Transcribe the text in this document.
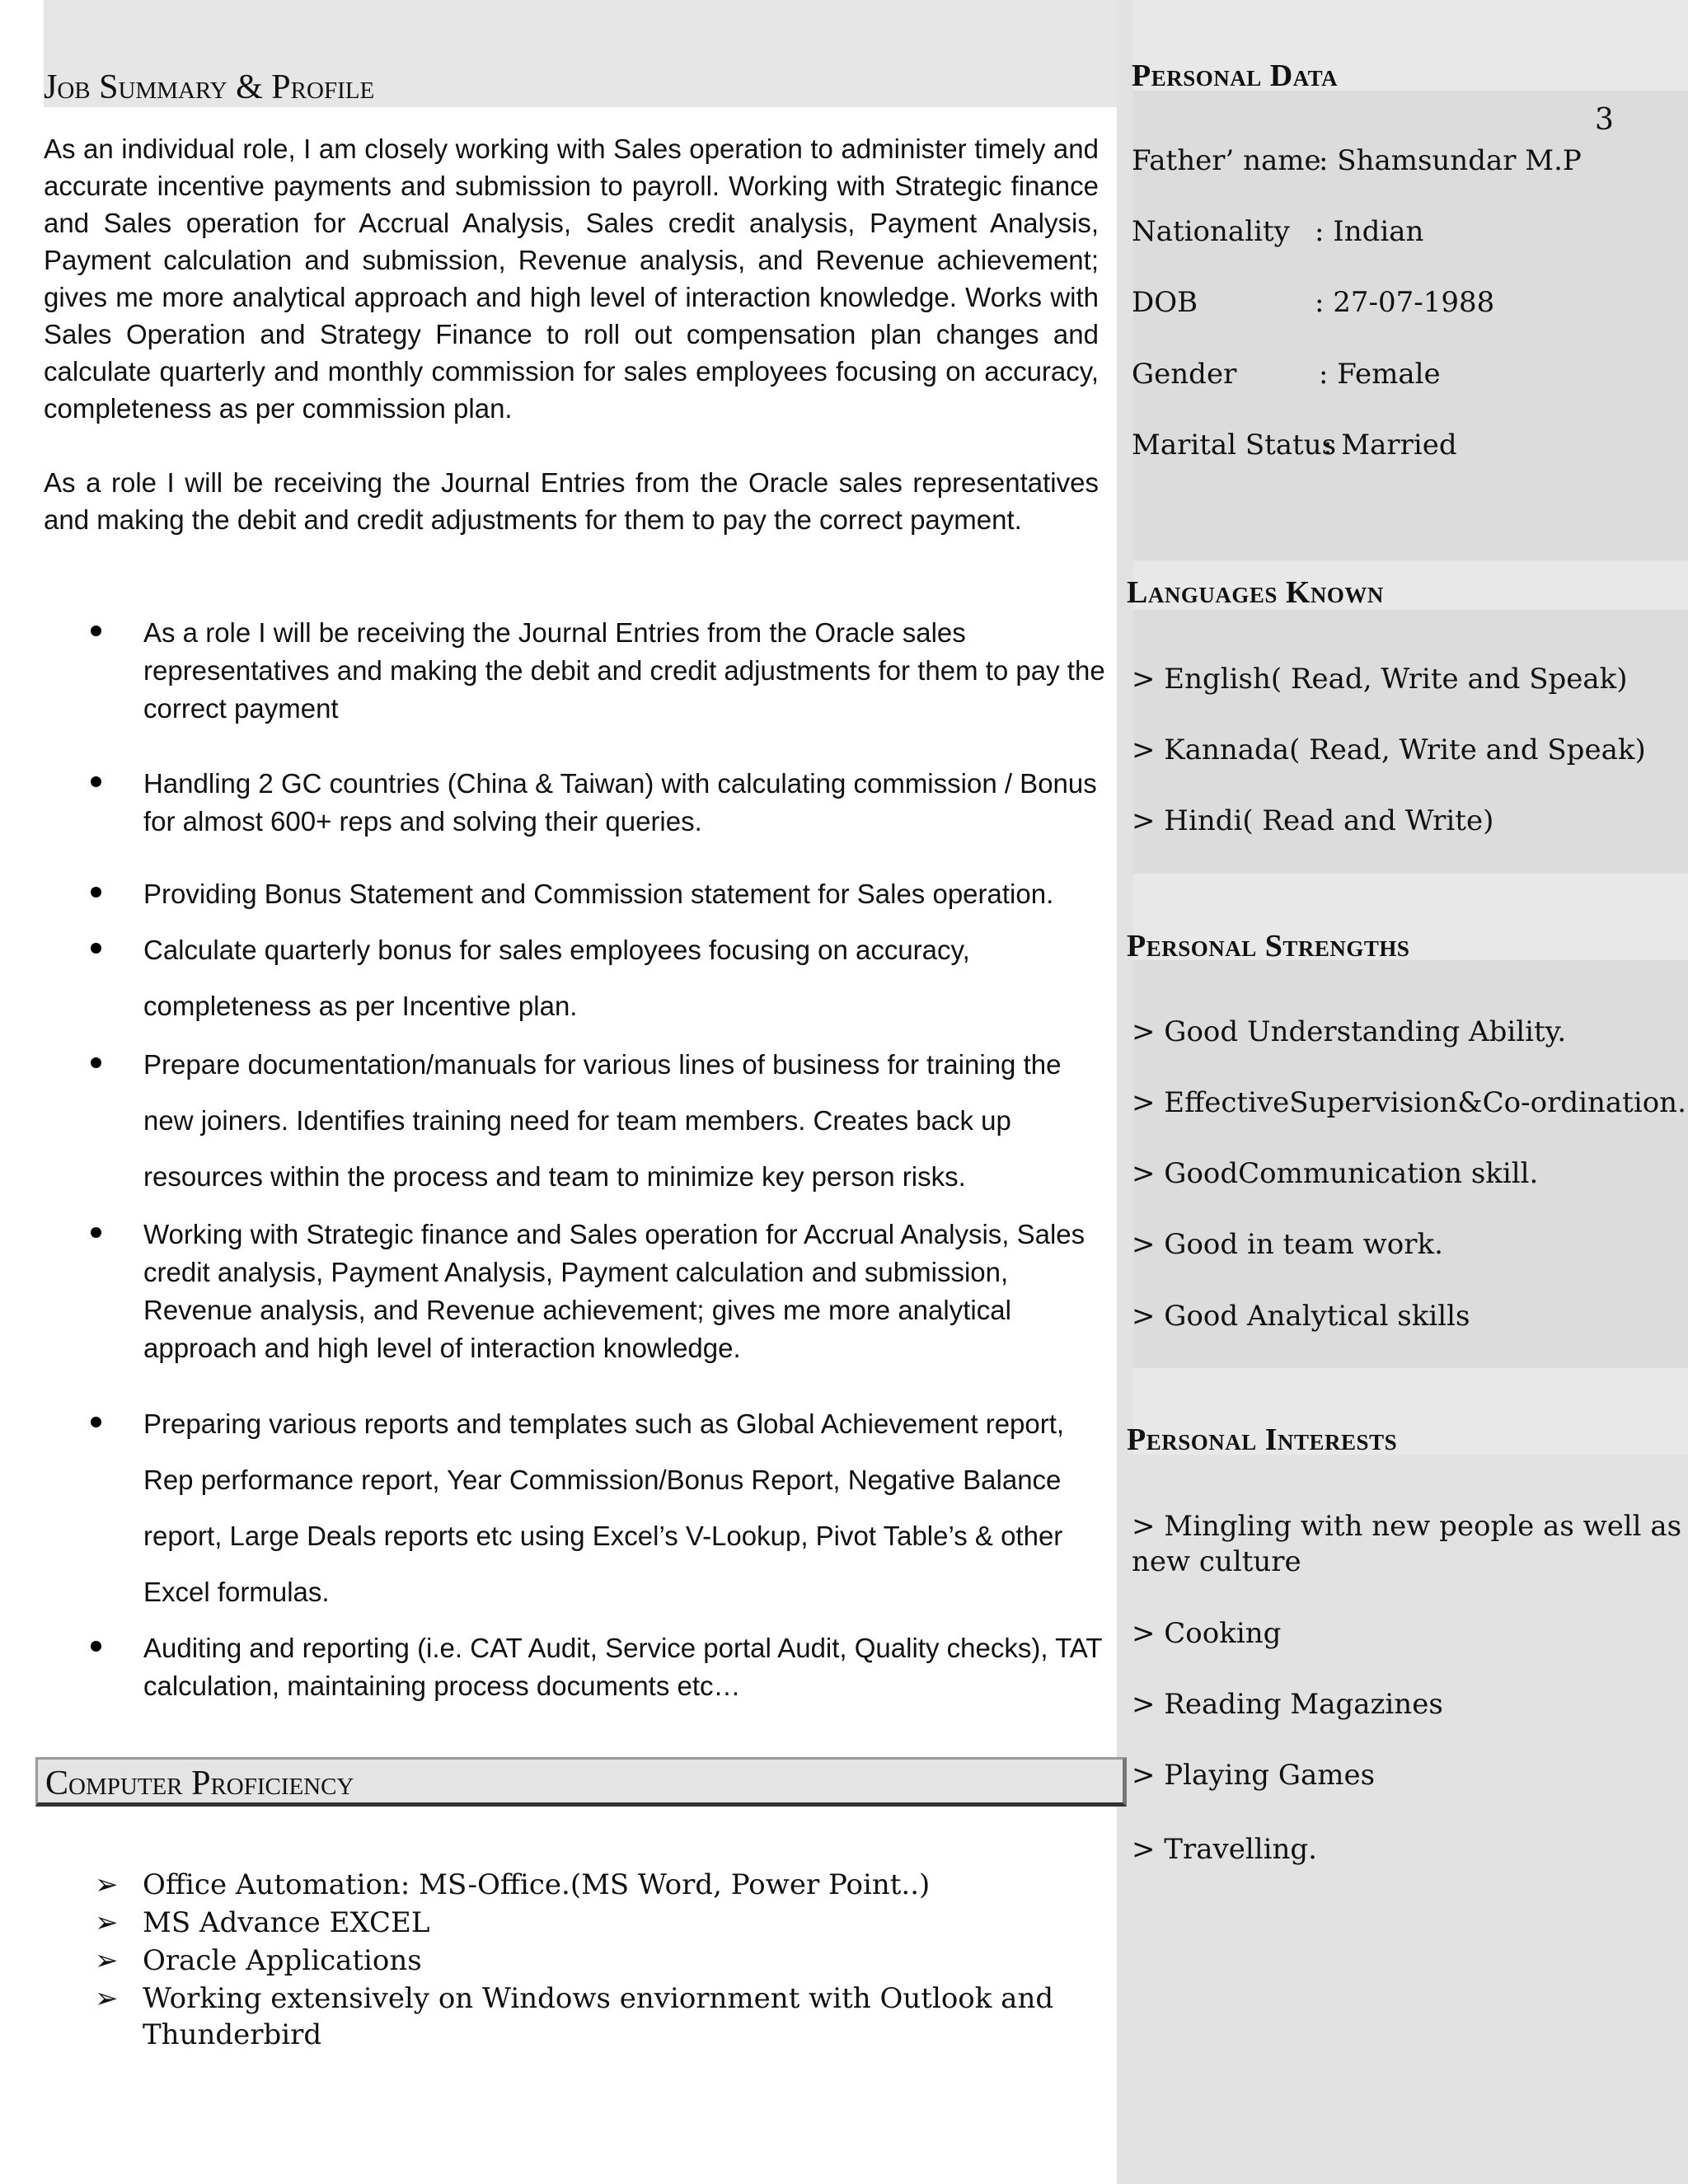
3
Job Summary & Profile
As an individual role, I am closely working with Sales operation to administer timely and accurate incentive payments and submission to payroll. Working with Strategic finance and Sales operation for Accrual Analysis, Sales credit analysis, Payment Analysis, Payment calculation and submission, Revenue analysis, and Revenue achievement; gives me more analytical approach and high level of interaction knowledge. Works with Sales Operation and Strategy Finance to roll out compensation plan changes and calculate quarterly and monthly commission for sales employees focusing on accuracy, completeness as per commission plan.
As a role I will be receiving the Journal Entries from the Oracle sales representatives and making the debit and credit adjustments for them to pay the correct payment.
As a role I will be receiving the Journal Entries from the Oracle sales representatives and making the debit and credit adjustments for them to pay the correct payment
Handling 2 GC countries (China & Taiwan) with calculating commission / Bonus for almost 600+ reps and solving their queries.
Providing Bonus Statement and Commission statement for Sales operation.
Calculate quarterly bonus for sales employees focusing on accuracy, completeness as per Incentive plan.
Prepare documentation/manuals for various lines of business for training the new joiners. Identifies training need for team members. Creates back up resources within the process and team to minimize key person risks.
Working with Strategic finance and Sales operation for Accrual Analysis, Sales credit analysis, Payment Analysis, Payment calculation and submission, Revenue analysis, and Revenue achievement; gives me more analytical approach and high level of interaction knowledge.
Preparing various reports and templates such as Global Achievement report, Rep performance report, Year Commission/Bonus Report, Negative Balance report, Large Deals reports etc using Excel’s V-Lookup, Pivot Table’s & other Excel formulas.
Auditing and reporting (i.e. CAT Audit, Service portal Audit, Quality checks), TAT calculation, maintaining process documents etc…
Computer Proficiency
➢ Office Automation: MS-Office.(MS Word, Power Point..)
➢ MS Advance EXCEL
➢ Oracle Applications
➢ Working extensively on Windows enviornment with Outlook and
Thunderbird
Personal Data
Father’ name
: Shamsundar M.P
Nationality : Indian
DOB	: 27-07-1988
Gender	: Female
Marital Status
: Married
Languages Known
> English( Read, Write and Speak)
> Kannada( Read, Write and Speak)
> Hindi( Read and Write)
Personal Strengths
> Good Understanding Ability.
> EffectiveSupervision&Co-ordination.
> GoodCommunication skill.
> Good in team work.
> Good Analytical skills
Personal Interests
> Mingling with new people as well as
new culture
> Cooking
> Reading Magazines
> Playing Games
> Travelling.
